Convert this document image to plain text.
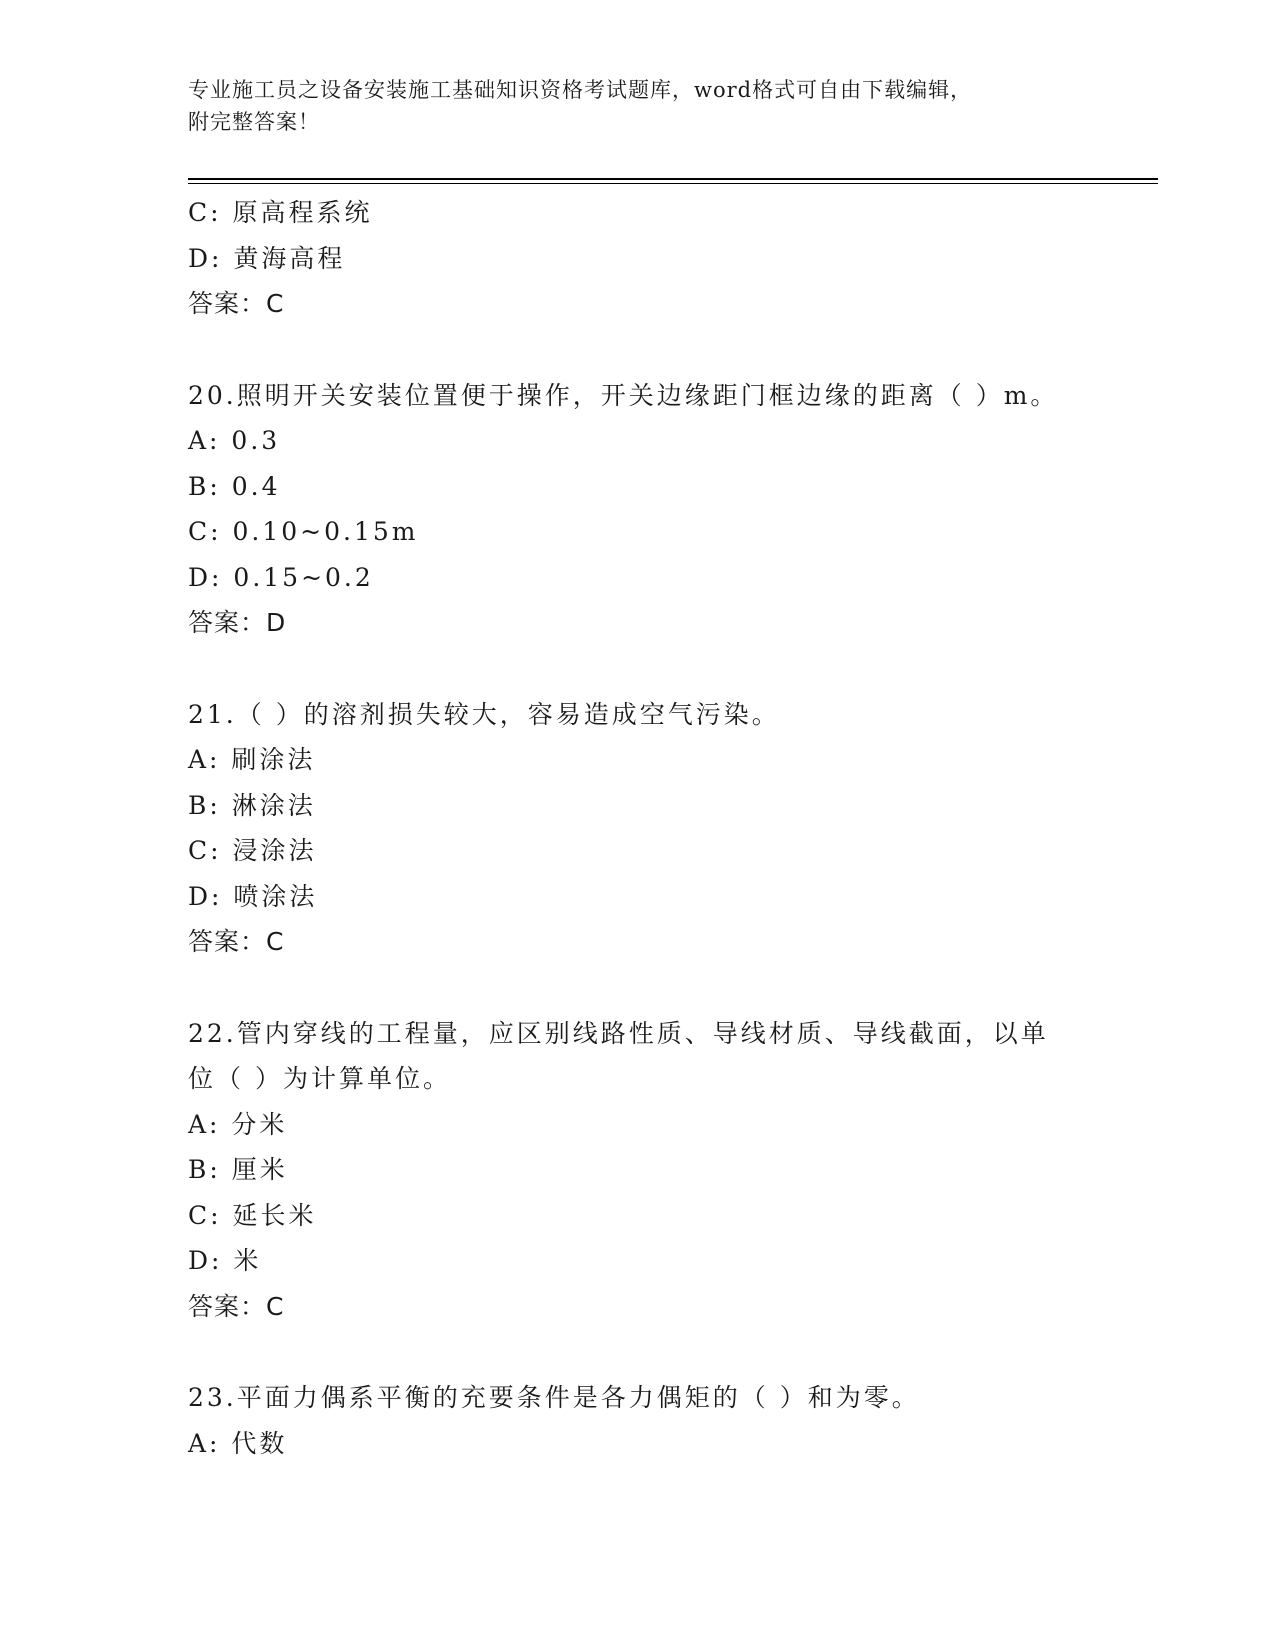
专业施工员之设备安装施工基础知识资格考试题库，word格式可自由下载编辑，
附完整答案！
C: 原高程系统
D: 黄海高程
答案：C
20.照明开关安装位置便于操作，开关边缘距门框边缘的距离（ ）m。
A: 0.3
B: 0.4
C: 0.10~0.15m
D: 0.15~0.2
答案：D
21.（ ）的溶剂损失较大，容易造成空气污染。
A: 刷涂法
B: 淋涂法
C: 浸涂法
D: 喷涂法
答案：C
22.管内穿线的工程量，应区别线路性质、导线材质、导线截面，以单
位（ ）为计算单位。
A: 分米
B: 厘米
C: 延长米
D: 米
答案：C
23.平面力偶系平衡的充要条件是各力偶矩的（ ）和为零。
A: 代数
